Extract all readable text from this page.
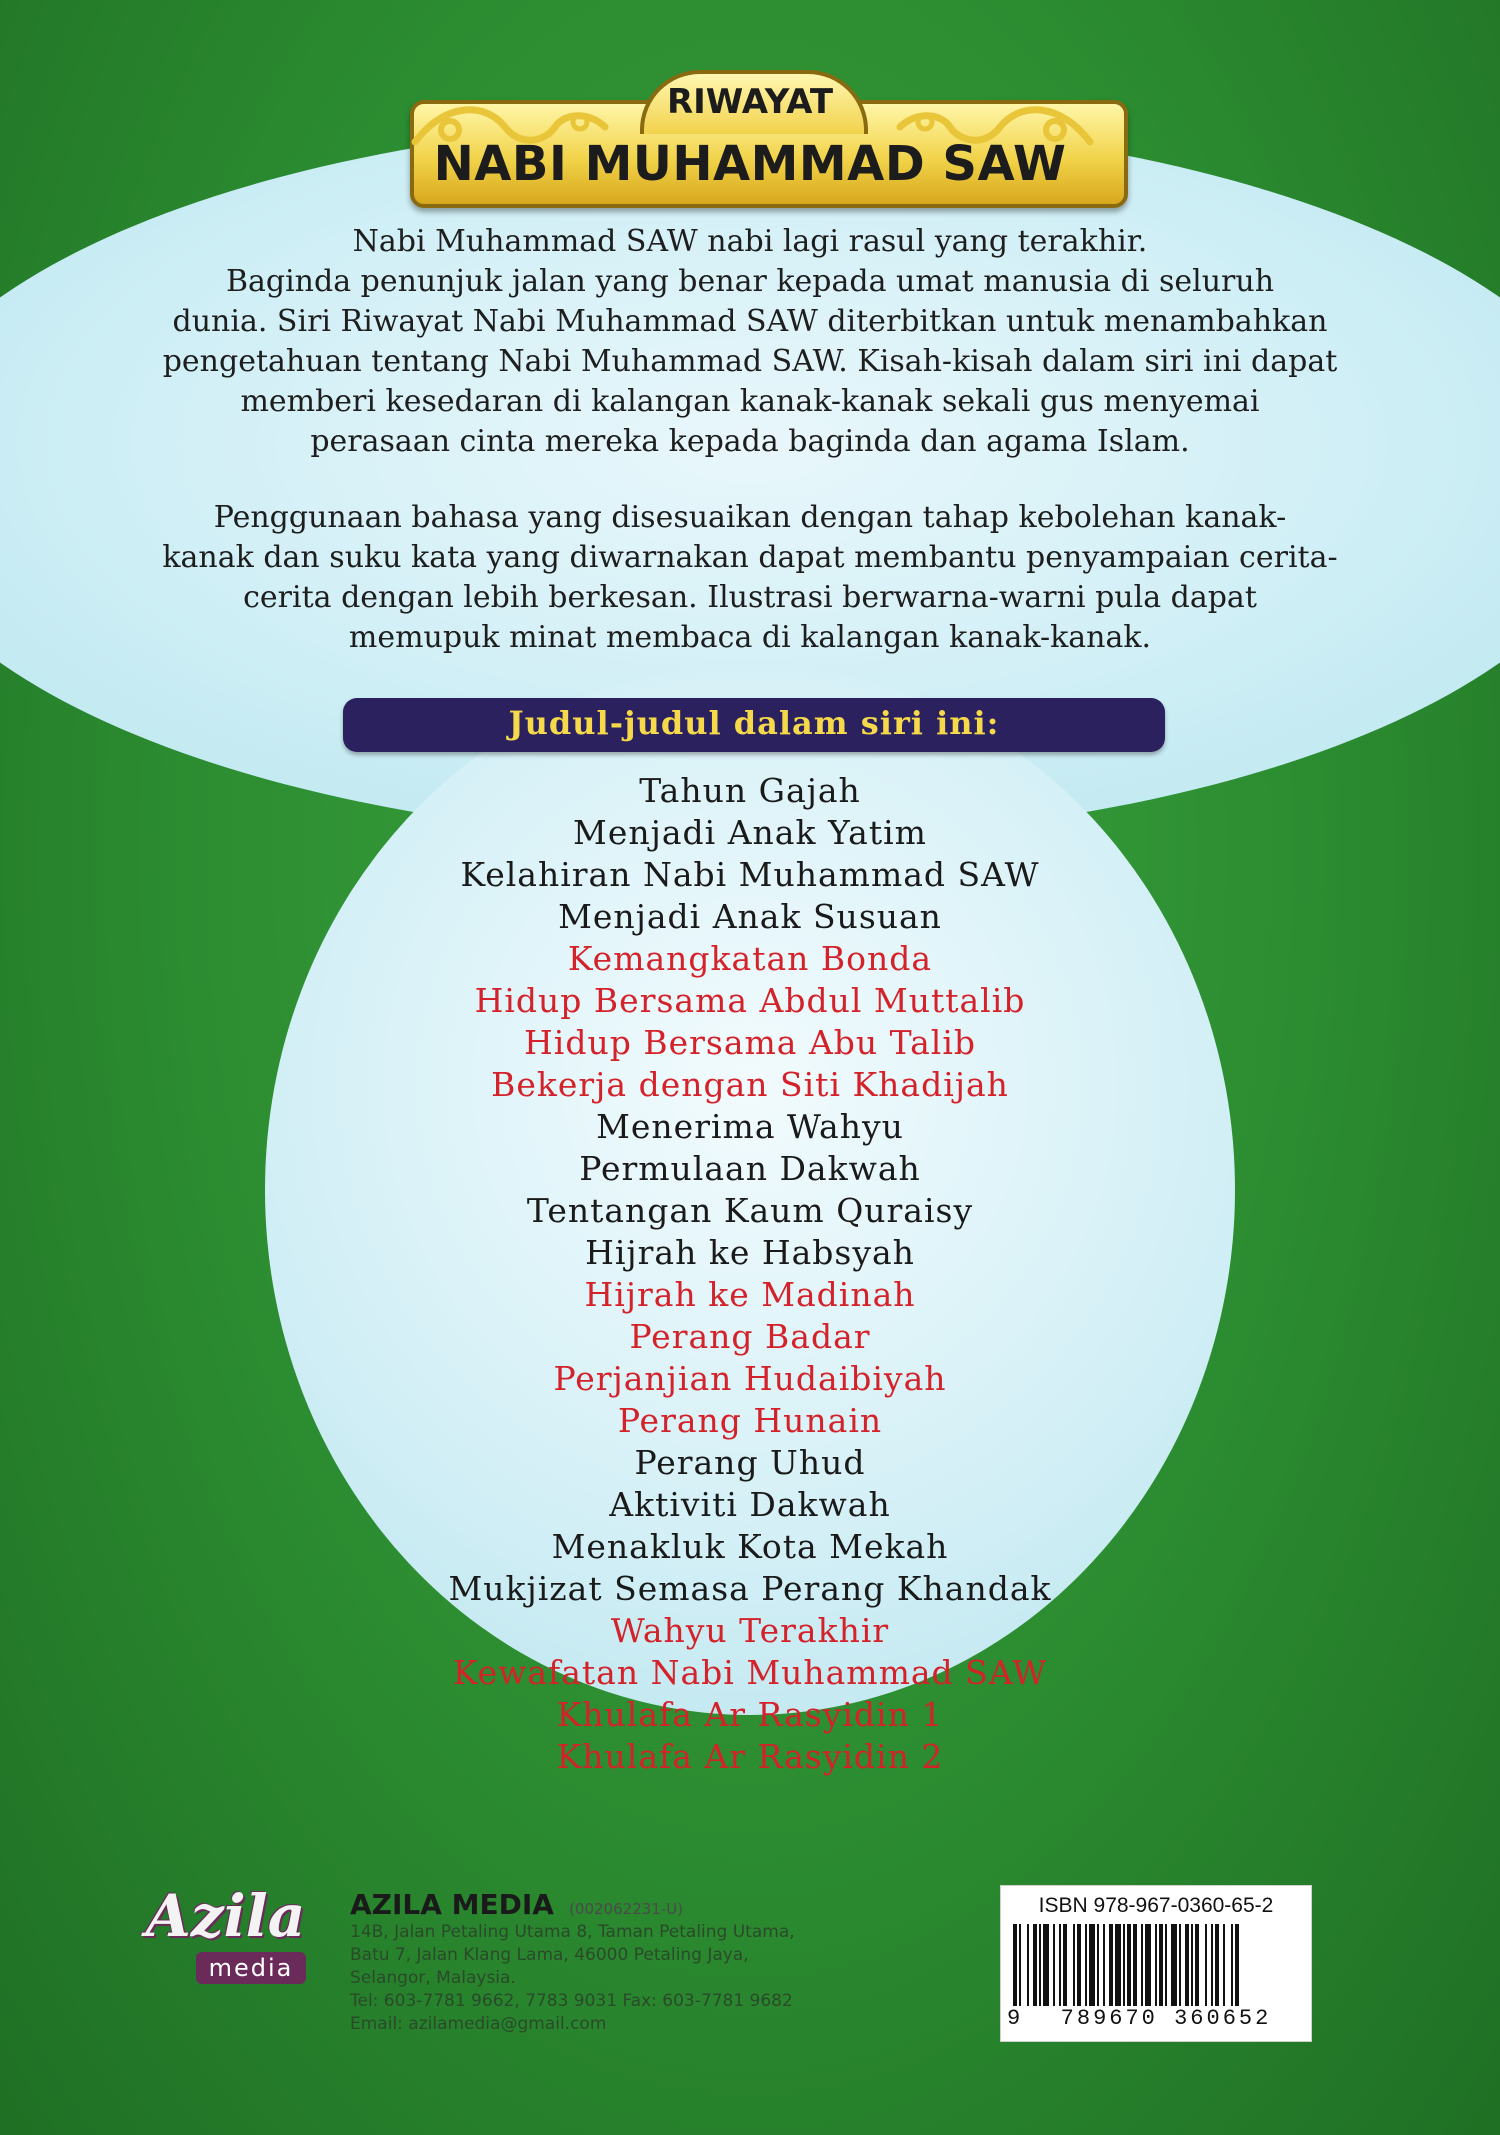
RIWAYAT
NABI MUHAMMAD SAW
Nabi Muhammad SAW nabi lagi rasul yang terakhir.
Baginda penunjuk jalan yang benar kepada umat manusia di seluruh
dunia. Siri Riwayat Nabi Muhammad SAW diterbitkan untuk menambahkan
pengetahuan tentang Nabi Muhammad SAW. Kisah-kisah dalam siri ini dapat
memberi kesedaran di kalangan kanak-kanak sekali gus menyemai
perasaan cinta mereka kepada baginda dan agama Islam.
Penggunaan bahasa yang disesuaikan dengan tahap kebolehan kanak-
kanak dan suku kata yang diwarnakan dapat membantu penyampaian cerita-
cerita dengan lebih berkesan. Ilustrasi berwarna-warni pula dapat
memupuk minat membaca di kalangan kanak-kanak.
Judul-judul dalam siri ini:
Tahun Gajah
Menjadi Anak Yatim
Kelahiran Nabi Muhammad SAW
Menjadi Anak Susuan
Kemangkatan Bonda
Hidup Bersama Abdul Muttalib
Hidup Bersama Abu Talib
Bekerja dengan Siti Khadijah
Menerima Wahyu
Permulaan Dakwah
Tentangan Kaum Quraisy
Hijrah ke Habsyah
Hijrah ke Madinah
Perang Badar
Perjanjian Hudaibiyah
Perang Hunain
Perang Uhud
Aktiviti Dakwah
Menakluk Kota Mekah
Mukjizat Semasa Perang Khandak
Wahyu Terakhir
Kewafatan Nabi Muhammad SAW
Khulafa Ar Rasyidin 1
Khulafa Ar Rasyidin 2
Azila
media
AZILA MEDIA (002062231-U)
14B, Jalan Petaling Utama 8, Taman Petaling Utama,
Batu 7, Jalan Klang Lama, 46000 Petaling Jaya,
Selangor, Malaysia.
Tel: 603-7781 9662, 7783 9031 Fax: 603-7781 9682
Email: azilamedia@gmail.com
ISBN 978-967-0360-65-2
9	789670 360652
